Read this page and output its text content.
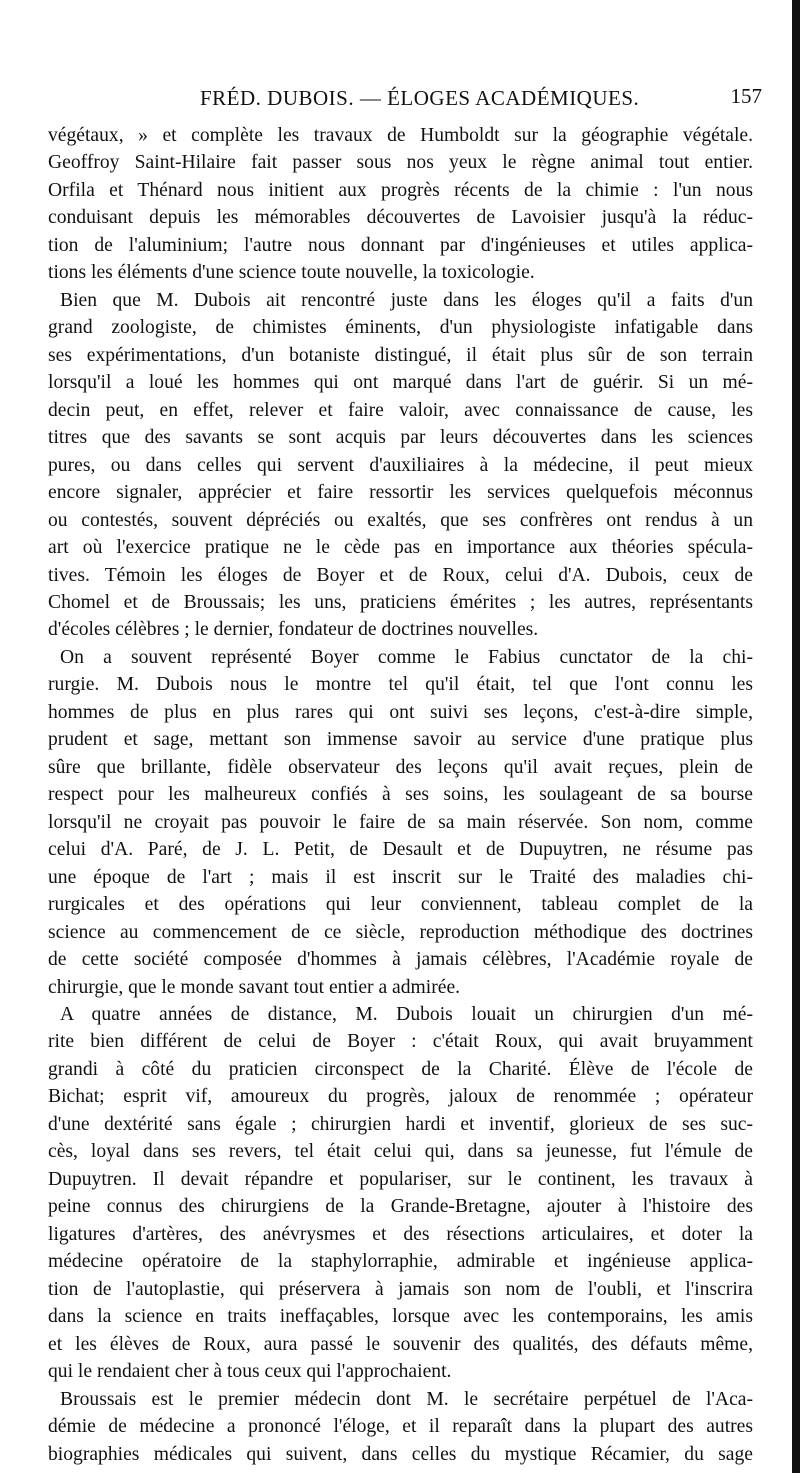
FRÉD. DUBOIS. — ÉLOGES ACADÉMIQUES.	157
végétaux, » et complète les travaux de Humboldt sur la géographie végétale.
Geoffroy Saint-Hilaire fait passer sous nos yeux le règne animal tout entier.
Orfila et Thénard nous initient aux progrès récents de la chimie : l'un nous
conduisant depuis les mémorables découvertes de Lavoisier jusqu'à la réduc-
tion de l'aluminium; l'autre nous donnant par d'ingénieuses et utiles applica-
tions les éléments d'une science toute nouvelle, la toxicologie.
Bien que M. Dubois ait rencontré juste dans les éloges qu'il a faits d'un
grand zoologiste, de chimistes éminents, d'un physiologiste infatigable dans
ses expérimentations, d'un botaniste distingué, il était plus sûr de son terrain
lorsqu'il a loué les hommes qui ont marqué dans l'art de guérir. Si un mé-
decin peut, en effet, relever et faire valoir, avec connaissance de cause, les
titres que des savants se sont acquis par leurs découvertes dans les sciences
pures, ou dans celles qui servent d'auxiliaires à la médecine, il peut mieux
encore signaler, apprécier et faire ressortir les services quelquefois méconnus
ou contestés, souvent dépréciés ou exaltés, que ses confrères ont rendus à un
art où l'exercice pratique ne le cède pas en importance aux théories spécula-
tives. Témoin les éloges de Boyer et de Roux, celui d'A. Dubois, ceux de
Chomel et de Broussais; les uns, praticiens émérites ; les autres, représentants
d'écoles célèbres ; le dernier, fondateur de doctrines nouvelles.
On a souvent représenté Boyer comme le Fabius cunctator de la chi-
rurgie. M. Dubois nous le montre tel qu'il était, tel que l'ont connu les
hommes de plus en plus rares qui ont suivi ses leçons, c'est-à-dire simple,
prudent et sage, mettant son immense savoir au service d'une pratique plus
sûre que brillante, fidèle observateur des leçons qu'il avait reçues, plein de
respect pour les malheureux confiés à ses soins, les soulageant de sa bourse
lorsqu'il ne croyait pas pouvoir le faire de sa main réservée. Son nom, comme
celui d'A. Paré, de J. L. Petit, de Desault et de Dupuytren, ne résume pas
une époque de l'art ; mais il est inscrit sur le Traité des maladies chi-
rurgicales et des opérations qui leur conviennent, tableau complet de la
science au commencement de ce siècle, reproduction méthodique des doctrines
de cette société composée d'hommes à jamais célèbres, l'Académie royale de
chirurgie, que le monde savant tout entier a admirée.
A quatre années de distance, M. Dubois louait un chirurgien d'un mé-
rite bien différent de celui de Boyer : c'était Roux, qui avait bruyamment
grandi à côté du praticien circonspect de la Charité. Élève de l'école de
Bichat; esprit vif, amoureux du progrès, jaloux de renommée ; opérateur
d'une dextérité sans égale ; chirurgien hardi et inventif, glorieux de ses suc-
cès, loyal dans ses revers, tel était celui qui, dans sa jeunesse, fut l'émule de
Dupuytren. Il devait répandre et populariser, sur le continent, les travaux à
peine connus des chirurgiens de la Grande-Bretagne, ajouter à l'histoire des
ligatures d'artères, des anévrysmes et des résections articulaires, et doter la
médecine opératoire de la staphylorraphie, admirable et ingénieuse applica-
tion de l'autoplastie, qui préservera à jamais son nom de l'oubli, et l'inscrira
dans la science en traits ineffaçables, lorsque avec les contemporains, les amis
et les élèves de Roux, aura passé le souvenir des qualités, des défauts même,
qui le rendaient cher à tous ceux qui l'approchaient.
Broussais est le premier médecin dont M. le secrétaire perpétuel de l'Aca-
démie de médecine a prononcé l'éloge, et il reparaît dans la plupart des autres
biographies médicales qui suivent, dans celles du mystique Récamier, du sage
